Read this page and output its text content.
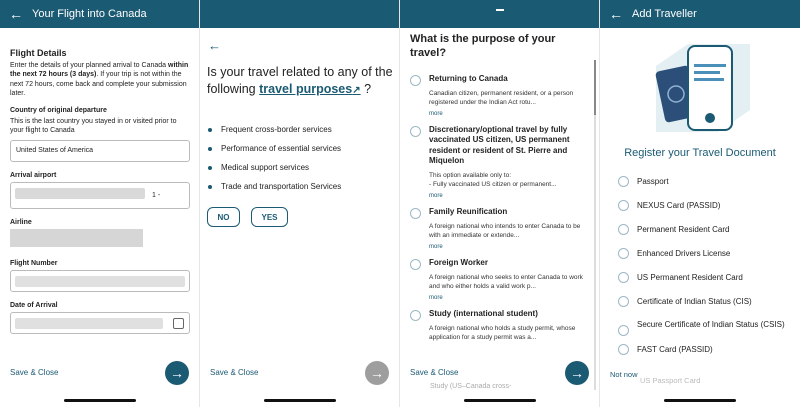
← Your Flight into Canada
Flight Details

Enter the details of your planned arrival to Canada within the next 72 hours (3 days). If your trip is not within the next 72 hours, come back and complete your submission later.

Country of original departure
This is the last country you stayed in or visited prior to your flight to Canada
United States of America
Arrival airport
1 -
Airline
Flight Number
Date of Arrival
Save & Close	→
←
Is your travel related to any of the following travel purposes↗ ?
Frequent cross-border services
Performance of essential services
Medical support services
Trade and transportation Services
NO	YES
Save & Close	→
What is the purpose of your travel?
Returning to Canada
Canadian citizen, permanent resident, or a person registered under the Indian Act rotu...
more
Discretionary/optional travel by fully vaccinated US citizen, US permanent resident or resident of St. Pierre and Miquelon
This option available only to:
- Fully vaccinated US citizen or permanent...
more
Family Reunification
A foreign national who intends to enter Canada to be with an immediate or extende...
more
Foreign Worker
A foreign national who seeks to enter Canada to work and who either holds a valid work p...
more
Study (international student)
A foreign national who holds a study permit, whose application for a study permit was a...
Save & Close
Study (US–Canada cross-
→
← Add Traveller
Register your Travel Document
Passport
NEXUS Card (PASSID)
Permanent Resident Card
Enhanced Drivers License
US Permanent Resident Card
Certificate of Indian Status (CIS)
Secure Certificate of Indian Status (CSIS)
FAST Card (PASSID)
US Passport Card
Not now
